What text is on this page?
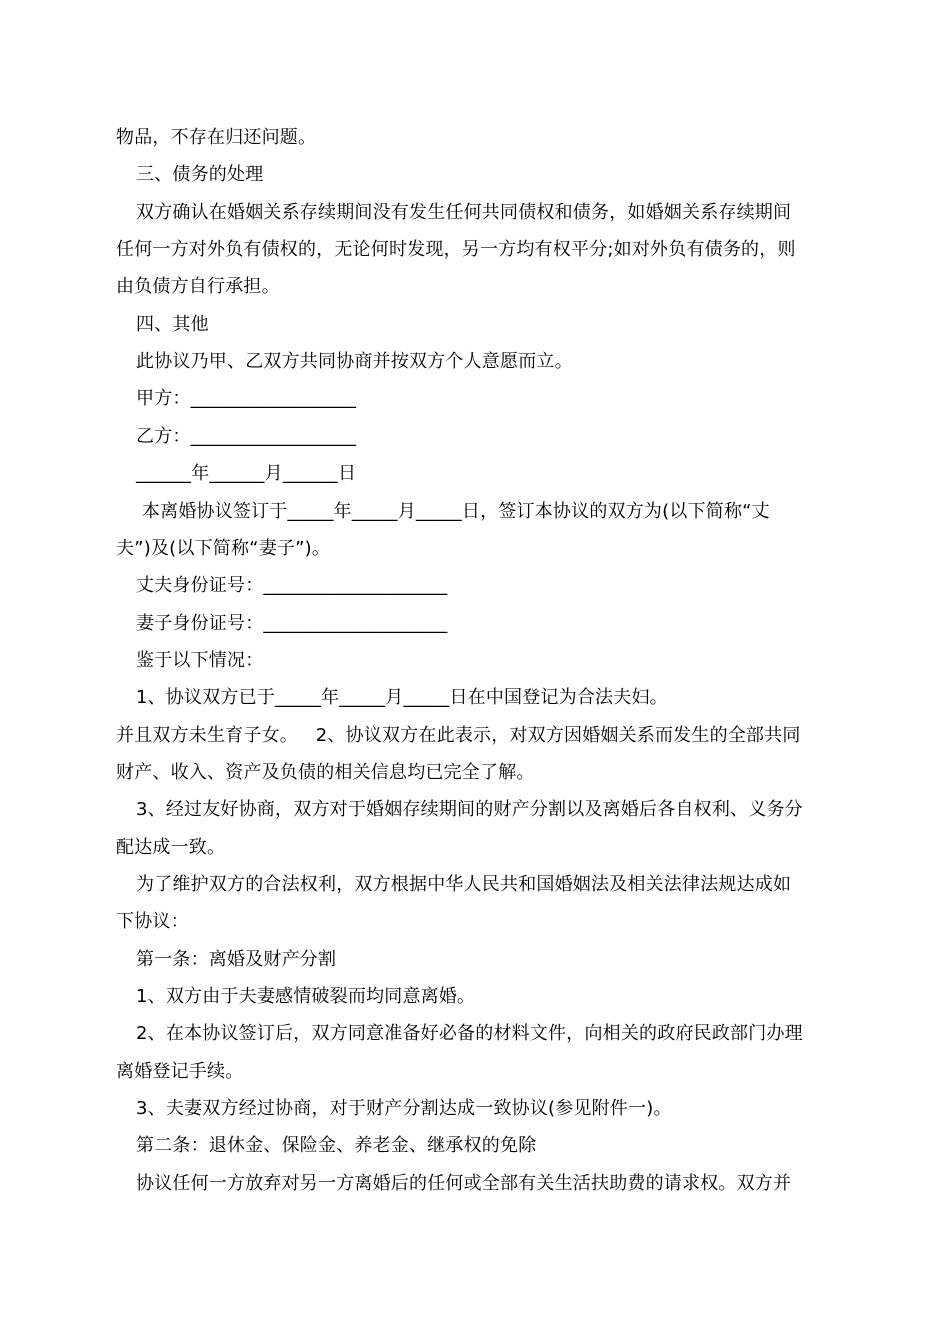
物品，不存在归还问题。
三、债务的处理
双方确认在婚姻关系存续期间没有发生任何共同债权和债务，如婚姻关系存续期间
任何一方对外负有债权的，无论何时发现，另一方均有权平分;如对外负有债务的，则
由负债方自行承担。
四、其他
此协议乃甲、乙双方共同协商并按双方个人意愿而立。
甲方：__________________
乙方：__________________
______年______月______日
本离婚协议签订于_____年_____月_____日，签订本协议的双方为(以下简称“丈
夫”)及(以下简称“妻子”)。
丈夫身份证号：____________________
妻子身份证号：____________________
鉴于以下情况：
1、协议双方已于_____年_____月_____日在中国登记为合法夫妇。
并且双方未生育子女。   2、协议双方在此表示，对双方因婚姻关系而发生的全部共同
财产、收入、资产及负债的相关信息均已完全了解。
3、经过友好协商，双方对于婚姻存续期间的财产分割以及离婚后各自权利、义务分
配达成一致。
为了维护双方的合法权利，双方根据中华人民共和国婚姻法及相关法律法规达成如
下协议：
第一条：离婚及财产分割
1、双方由于夫妻感情破裂而均同意离婚。
2、在本协议签订后，双方同意准备好必备的材料文件，向相关的政府民政部门办理
离婚登记手续。
3、夫妻双方经过协商，对于财产分割达成一致协议(参见附件一)。
第二条：退休金、保险金、养老金、继承权的免除
协议任何一方放弃对另一方离婚后的任何或全部有关生活扶助费的请求权。双方并
